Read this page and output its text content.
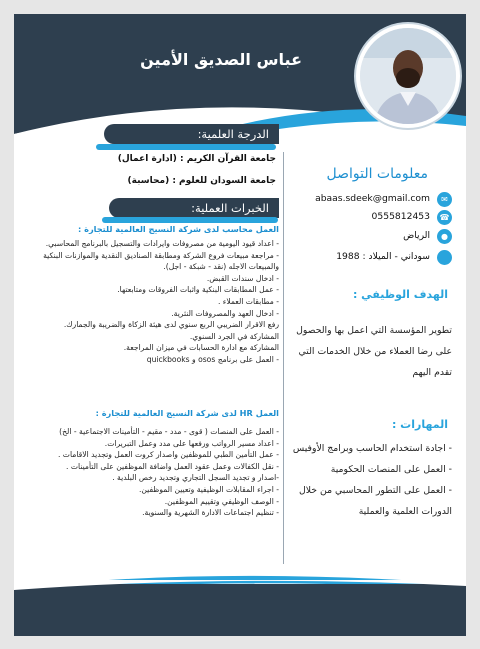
عباس الصديق الأمين
الدرجة العلمية:
جامعة القرآن الكريم : (ادارة اعمال)
جامعة السودان للعلوم : (محاسبة)
الخبرات العملية:
العمل محاسب لدى شركة النسيج العالمية للتجارة :
- اعداد قيود اليومية من مصروفات وايرادات والتسجيل بالبرنامج المحاسبي.
- مراجعة مبيعات فروع الشركة ومطابقة الصناديق النقدية والموازنات البنكية والمبيعات الاجله (نقد - شبكة - اجل).
- ادخال سندات القبض.
- عمل المطابقات البنكية واثبات الفروقات ومتابعتها.
- مطابقات العملاء .
- ادخال العهد والمصروفات النثرية.
رفع الاقرار الضريبي الربع سنوي لدى هيئة الزكاة والضريبة والجمارك.
المشاركة في الجرد السنوي.
المشاركة مع ادارة الحسابات في ميزان المراجعة.
- العمل على برنامج osos و quickbooks
العمل HR لدى شركة النسيج العالمية للتجارة :
- العمل على المنصات ( قوى - مدد - مقيم - التأمينات الاجتماعية - الخ)
- اعداد مسير الرواتب ورفعها على مدد وعمل التبريرات.
- عمل التأمين الطبي للموظفين واصدار كروت العمل وتجديد الاقامات .
- نقل الكفالات وعمل عقود العمل واضافة الموظفين على التأمينات .
-اصدار و تجديد السجل التجاري وتجديد رخص البلدية .
- اجراء المقابلات الوظيفية وتعيين الموظفين.
- الوصف الوظيفي وتقييم الموظفين.
- تنظيم اجتماعات الادارة الشهرية والسنوية.
معلومات التواصل
abaas.sdeek@gmail.com	✉
0555812453	☎
الرياض	●
سوداني - الميلاد : 1988
الهدف الوظيفي :
تطوير المؤسسة التي اعمل بها والحصول
على رضا العملاء من خلال الخدمات التي
تقدم اليهم
المهارات :
- اجادة استخدام الحاسب وبرامج الأوفيس
- العمل على المنصات الحكومية
- العمل على التطور المحاسبي من خلال
الدورات العلمية والعملية
